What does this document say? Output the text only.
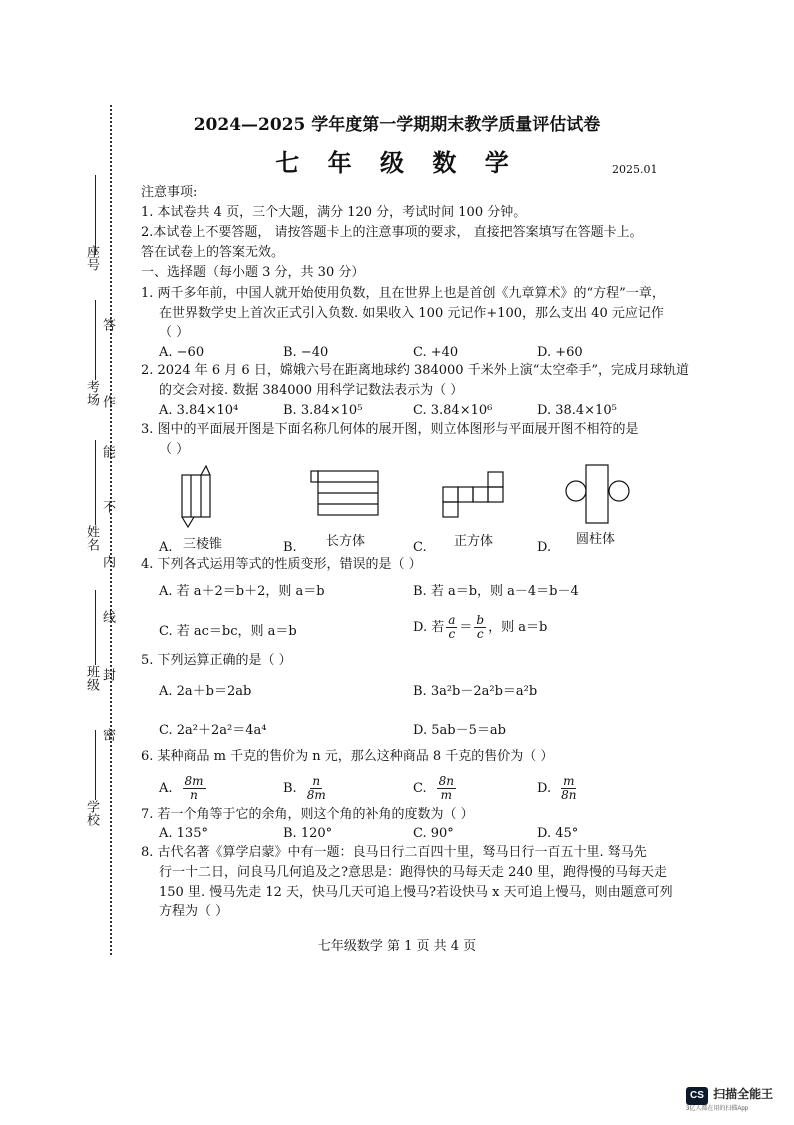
座号
考场
姓名
班级
学校
答
作
能
不
内
线
封
密
2024—2025 学年度第一学期期末教学质量评估试卷
七 年 级 数 学	2025.01
注意事项:
1. 本试卷共 4 页，三个大题，满分 120 分，考试时间 100 分钟。
2.本试卷上不要答题， 请按答题卡上的注意事项的要求， 直接把答案填写在答题卡上。
答在试卷上的答案无效。
一、选择题（每小题 3 分，共 30 分）
1. 两千多年前，中国人就开始使用负数，且在世界上也是首创《九章算术》的“方程”一章，
在世界数学史上首次正式引入负数. 如果收入 100 元记作+100，那么支出 40 元应记作
（ ）
A. −60	B. −40	C. +40	D. +60
2. 2024 年 6 月 6 日，嫦娥六号在距离地球约 384000 千米外上演“太空牵手”，完成月球轨道
的交会对接. 数据 384000 用科学记数法表示为（ ）
A. 3.84×10⁴	B. 3.84×10⁵	C. 3.84×10⁶	D. 38.4×10⁵
3. 图中的平面展开图是下面名称几何体的展开图，则立体图形与平面展开图不相符的是
（ ）
A. 三棱锥	B. 长方体	C. 正方体	D.
圆柱体
4. 下列各式运用等式的性质变形，错误的是（ ）
A. 若 a＋2＝b＋2，则 a＝b	B. 若 a＝b，则 a－4＝b－4
C. 若 ac＝bc，则 a＝b	D. 若 $\frac{a}{c} = \frac{b}{c}$ ，则 a＝b
5. 下列运算正确的是（ ）
A. 2a＋b＝2ab	B. 3a²b－2a²b＝a²b
C. 2a²＋2a²＝4a⁴	D. 5ab－5＝ab
6. 某种商品 m 千克的售价为 n 元，那么这种商品 8 千克的售价为（ ）
A. $\frac{8m}{n}$	B. $\frac{n}{8m}$	C. $\frac{8n}{m}$	D. $\frac{m}{8n}$
7. 若一个角等于它的余角，则这个角的补角的度数为（ ）
A. 135°	B. 120°	C. 90°	D. 45°
8. 古代名著《算学启蒙》中有一题：良马日行二百四十里，驽马日行一百五十里. 驽马先
行一十二日，问良马几何追及之?意思是：跑得快的马每天走 240 里，跑得慢的马每天走
150 里. 慢马先走 12 天，快马几天可追上慢马?若设快马 x 天可追上慢马，则由题意可列
方程为（ ）
七年级数学 第 1 页 共 4 页
CS 扫描全能王
3亿人都在用的扫描App
